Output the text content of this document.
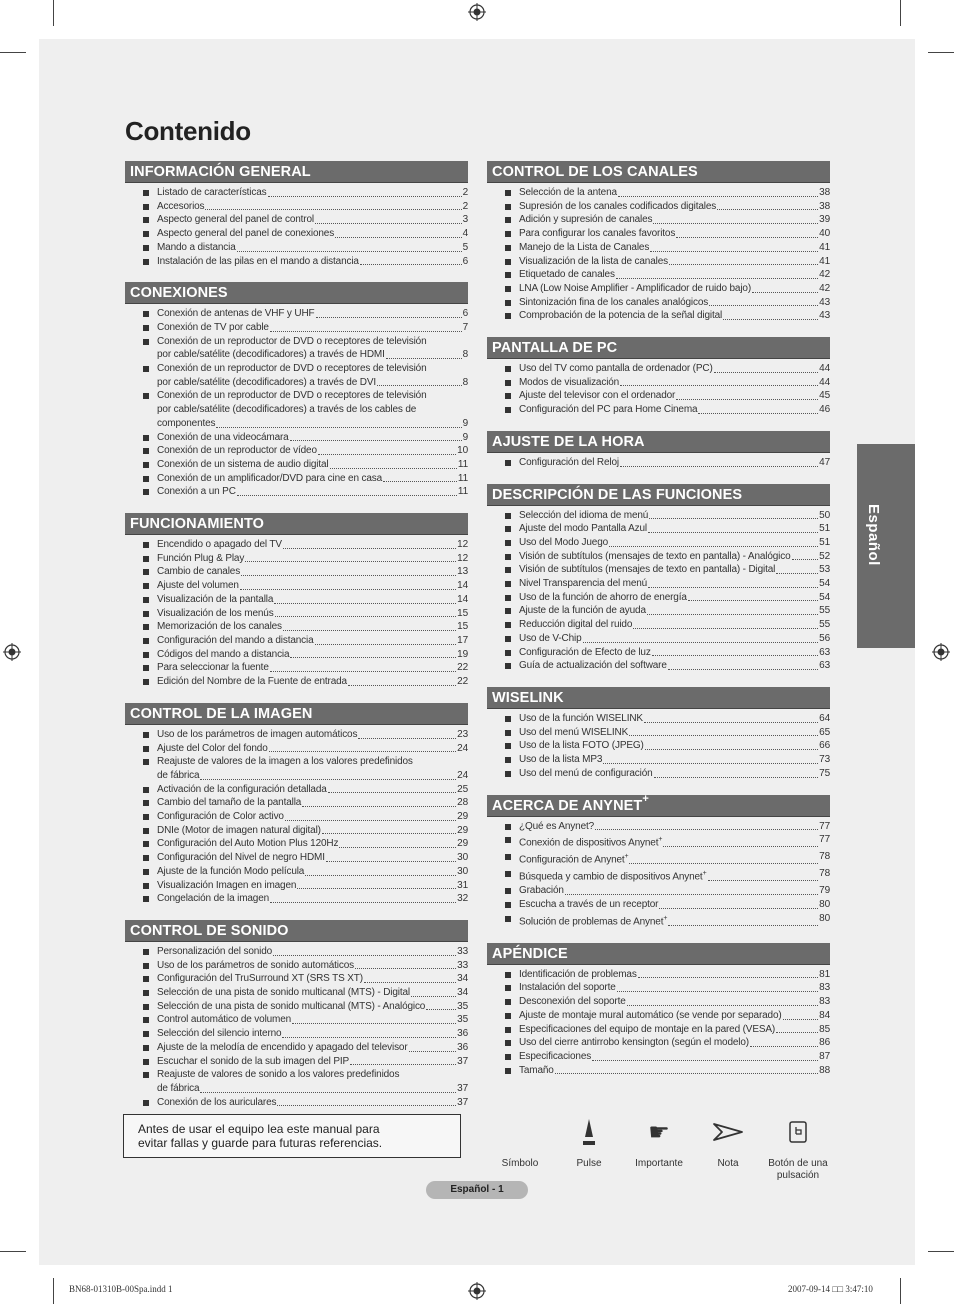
Contenido
INFORMACIÓN GENERAL
Listado de características	2
Accesorios	2
Aspecto general del panel de control	3
Aspecto general del panel de conexiones	4
Mando a distancia	5
Instalación de las pilas en el mando a distancia	6
CONEXIONES
Conexión de antenas de VHF y UHF	6
Conexión de TV por cable	7
Conexión de un reproductor de DVD o receptores de televisión
por cable/satélite (decodificadores) a través de HDMI	8
Conexión de un reproductor de DVD o receptores de televisión
por cable/satélite (decodificadores) a través de DVI	8
Conexión de un reproductor de DVD o receptores de televisión
por cable/satélite (decodificadores) a través de los cables de
componentes	9
Conexión de una videocámara	9
Conexión de un reproductor de vídeo	10
Conexión de un sistema de audio digital	11
Conexión de un amplificador/DVD para cine en casa	11
Conexión a un PC	11
FUNCIONAMIENTO
Encendido o apagado del TV	12
Función Plug & Play	12
Cambio de canales	13
Ajuste del volumen	14
Visualización de la pantalla	14
Visualización de los menús	15
Memorización de los canales	15
Configuración del mando a distancia	17
Códigos del mando a distancia	19
Para seleccionar la fuente	22
Edición del Nombre de la Fuente de entrada	22
CONTROL DE LA IMAGEN
Uso de los parámetros de imagen automáticos	23
Ajuste del Color del fondo	24
Reajuste de valores de la imagen a los valores predefinidos
de fábrica	24
Activación de la configuración detallada	25
Cambio del tamaño de la pantalla	28
Configuración de Color activo	29
DNIe (Motor de imagen natural digital)	29
Configuración del Auto Motion Plus 120Hz	29
Configuración del Nivel de negro HDMI	30
Ajuste de la función Modo película	30
Visualización Imagen en imagen	31
Congelación de la imagen	32
CONTROL DE SONIDO
Personalización del sonido	33
Uso de los parámetros de sonido automáticos	33
Configuración del TruSurround XT (SRS TS XT)	34
Selección de una pista de sonido multicanal (MTS) - Digital	34
Selección de una pista de sonido multicanal (MTS) - Analógico	35
Control automático de volumen	35
Selección del silencio interno	36
Ajuste de la melodía de encendido y apagado del televisor	36
Escuchar el sonido de la sub imagen del PIP	37
Reajuste de valores de sonido a los valores predefinidos
de fábrica	37
Conexión de los auriculares	37
CONTROL DE LOS CANALES
Selección de la antena	38
Supresión de los canales codificados digitales	38
Adición y supresión de canales	39
Para configurar los canales favoritos	40
Manejo de la Lista de Canales	41
Visualización de la lista de canales	41
Etiquetado de canales	42
LNA (Low Noise Amplifier - Amplificador de ruido bajo)	42
Sintonización fina de los canales analógicos	43
Comprobación de la potencia de la señal digital	43
PANTALLA DE PC
Uso del TV como pantalla de ordenador (PC)	44
Modos de visualización	44
Ajuste del televisor con el ordenador	45
Configuración del PC para Home Cinema	46
AJUSTE DE LA HORA
Configuración del Reloj	47
DESCRIPCIÓN DE LAS FUNCIONES
Selección del idioma de menú	50
Ajuste del modo Pantalla Azul	51
Uso del Modo Juego	51
Visión de subtítulos (mensajes de texto en pantalla) - Analógico	52
Visión de subtítulos (mensajes de texto en pantalla) - Digital	53
Nivel Transparencia del menú	54
Uso de la función de ahorro de energía	54
Ajuste de la función de ayuda	55
Reducción digital del ruido	55
Uso de V-Chip	56
Configuración de Efecto de luz	63
Guía de actualización del software	63
WISELINK
Uso de la función WISELINK	64
Uso del menú WISELINK	65
Uso de la lista FOTO (JPEG)	66
Uso de la lista MP3	73
Uso del menú de configuración	75
ACERCA DE ANYNET+
¿Qué es Anynet?	77
Conexión de dispositivos Anynet+	77
Configuración de Anynet+	78
Búsqueda y cambio de dispositivos Anynet+	78
Grabación	79
Escucha a través de un receptor	80
Solución de problemas de Anynet+	80
APÉNDICE
Identificación de problemas	81
Instalación del soporte	83
Desconexión del soporte	83
Ajuste de montaje mural automático (se vende por separado)	84
Especificaciones del equipo de montaje en la pared (VESA)	85
Uso del cierre antirrobo kensington (según el modelo)	86
Especificaciones	87
Tamaño	88
Español
Antes de usar el equipo lea este manual para
evitar fallas y guarde para futuras referencias.
Símbolo	Pulse
☛
Importante	Nota	Botón de una pulsación
Español - 1
BN68-01310B-00Spa.indd 1	2007-09-14 □□ 3:47:10
